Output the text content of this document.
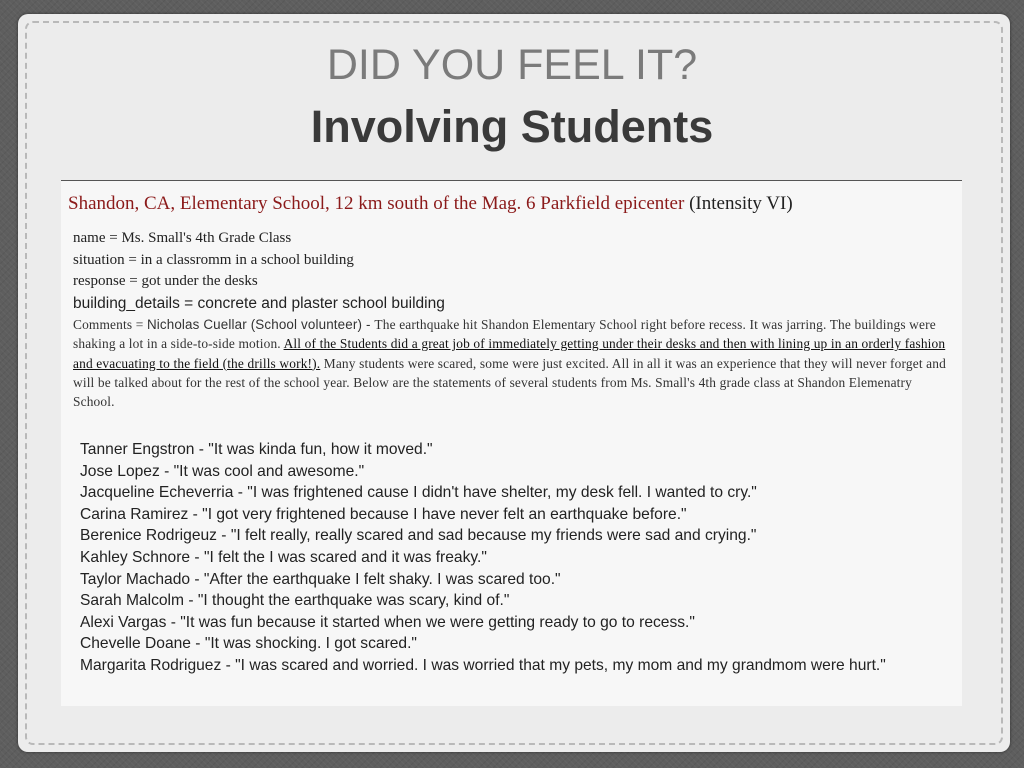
DID YOU FEEL IT?
Involving Students

Shandon, CA, Elementary School, 12 km south of the Mag. 6 Parkfield epicenter (Intensity VI)

name = Ms. Small's 4th Grade Class
situation = in a classromm in a school building
response = got under the desks
building_details = concrete and plaster school building

Comments = Nicholas Cuellar (School volunteer) - The earthquake hit Shandon Elementary School right before recess. It was jarring. The buildings were shaking a lot in a side-to-side motion. All of the Students did a great job of immediately getting under their desks and then with lining up in an orderly fashion and evacuating to the field (the drills work!). Many students were scared, some were just excited. All in all it was an experience that they will never forget and will be talked about for the rest of the school year. Below are the statements of several students from Ms. Small's 4th grade class at Shandon Elemenatry School.

Tanner Engstron - "It was kinda fun, how it moved."
Jose Lopez - "It was cool and awesome."
Jacqueline Echeverria - "I was frightened cause I didn't have shelter, my desk fell. I wanted to cry."
Carina Ramirez - "I got very frightened because I have never felt an earthquake before."
Berenice Rodrigeuz - "I felt really, really scared and sad because my friends were sad and crying."
Kahley Schnore - "I felt the I was scared and it was freaky."
Taylor Machado - "After the earthquake I felt shaky. I was scared too."
Sarah Malcolm - "I thought the earthquake was scary, kind of."
Alexi Vargas - "It was fun because it started when we were getting ready to go to recess."
Chevelle Doane - "It was shocking. I got scared."
Margarita Rodriguez - "I was scared and worried. I was worried that my pets, my mom and my grandmom were hurt."
